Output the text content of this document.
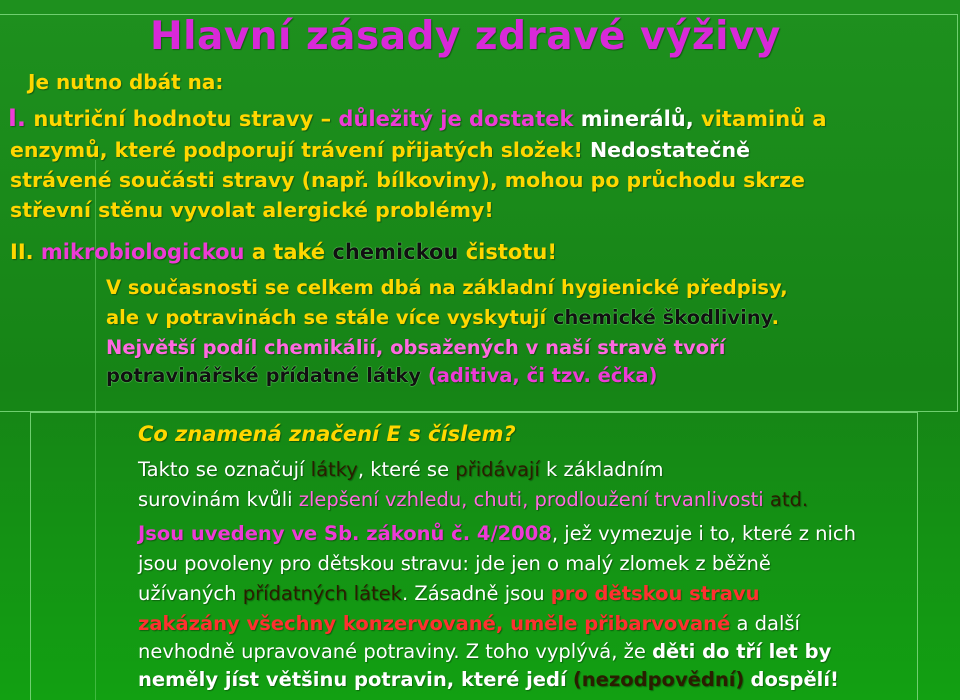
Hlavní zásady zdravé výživy
Je nutno dbát na:
I. nutriční hodnotu stravy – důležitý je dostatek minerálů, vitaminů a
enzymů, které podporují trávení přijatých složek! Nedostatečně
strávené součásti stravy (např. bílkoviny), mohou po průchodu skrze
střevní stěnu vyvolat alergické problémy!
II. mikrobiologickou a také chemickou čistotu!
V současnosti se celkem dbá na základní hygienické předpisy,
ale v potravinách se stále více vyskytují chemické škodliviny.
Největší podíl chemikálií, obsažených v naší stravě tvoří
potravinářské přídatné látky (aditiva, či tzv. éčka)
Co znamená značení E s číslem?
Takto se označují látky, které se přidávají k základním
surovinám kvůli zlepšení vzhledu, chuti, prodloužení trvanlivosti atd.
Jsou uvedeny ve Sb. zákonů č. 4/2008, jež vymezuje i to, které z nich
jsou povoleny pro dětskou stravu: jde jen o malý zlomek z běžně
užívaných přídatných látek. Zásadně jsou pro dětskou stravu
zakázány všechny konzervované, uměle přibarvované a další
nevhodně upravované potraviny. Z toho vyplývá, že děti do tří let by
neměly jíst většinu potravin, které jedí (nezodpovědní) dospělí!
